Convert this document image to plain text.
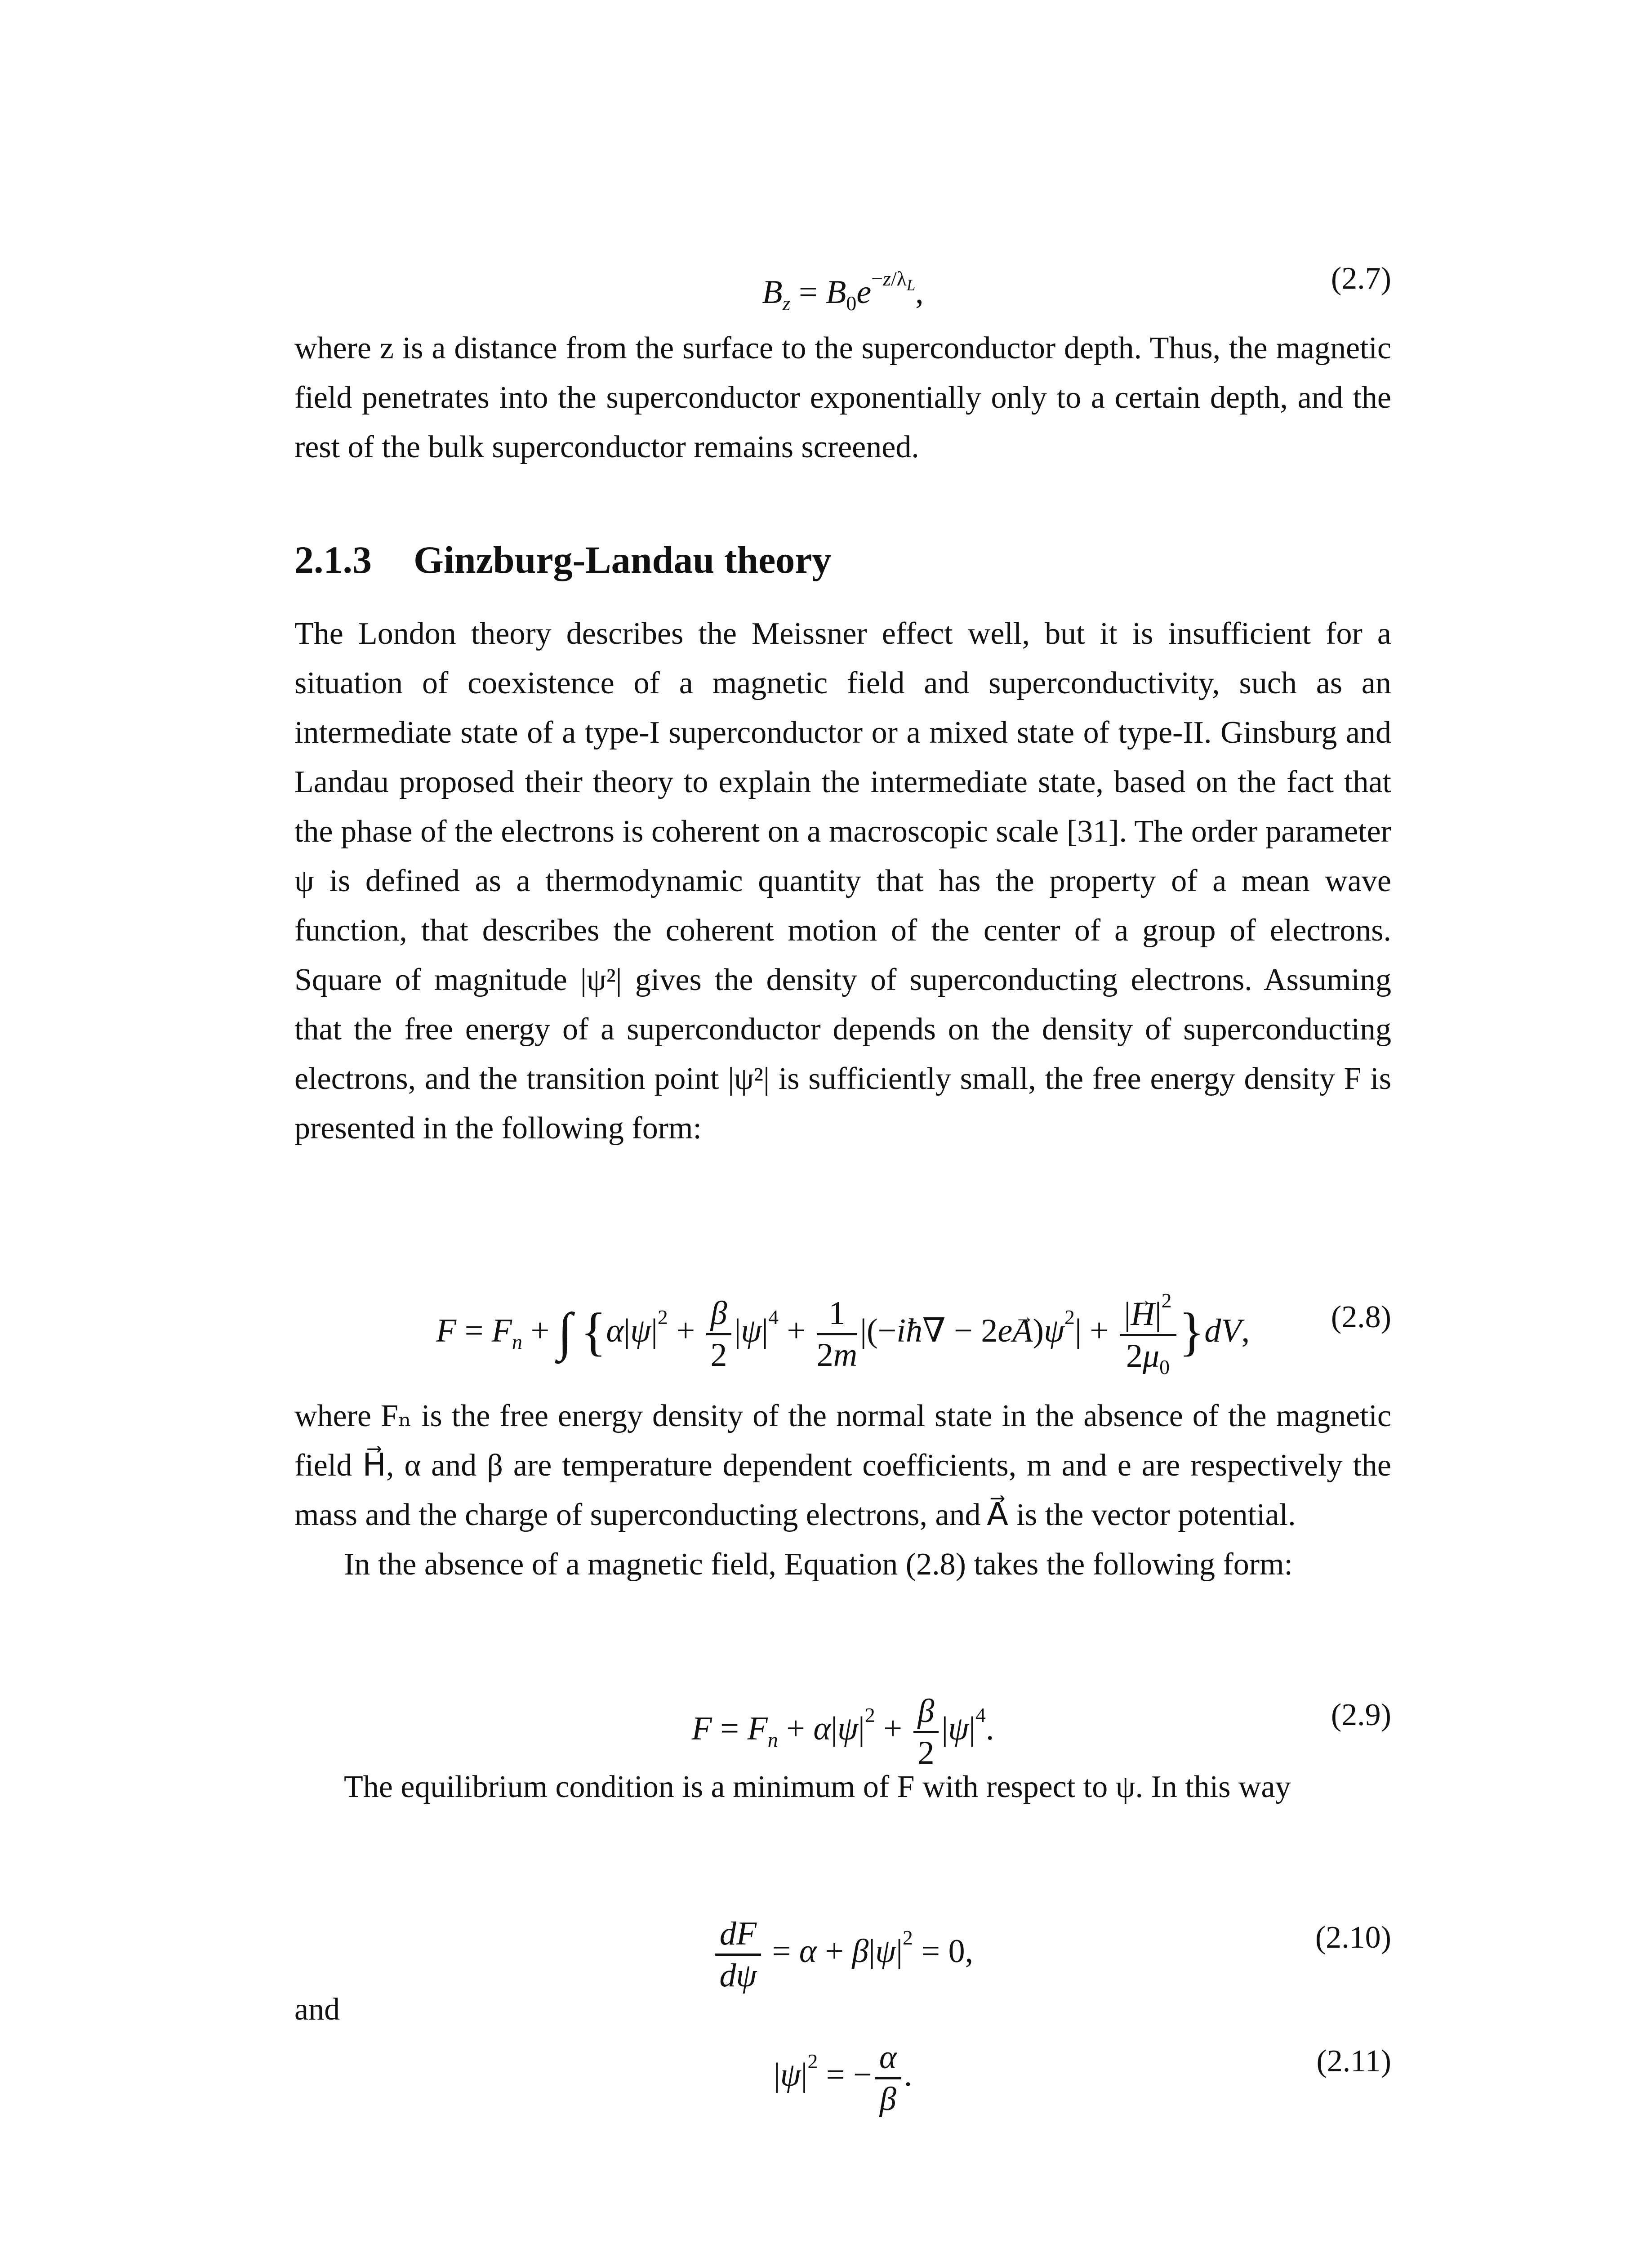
$B_z = B_0e^{-z/\lambda_L}$,	(2.7)

where z is a distance from the surface to the superconductor depth. Thus, the magnetic field penetrates into the superconductor exponentially only to a certain depth, and the rest of the bulk superconductor remains screened.

2.1.3 Ginzburg-Landau theory

The London theory describes the Meissner effect well, but it is insufficient for a situation of coexistence of a magnetic field and superconductivity, such as an intermediate state of a type-I superconductor or a mixed state of type-II. Ginsburg and Landau proposed their theory to explain the intermediate state, based on the fact that the phase of the electrons is coherent on a macroscopic scale [31]. The order parameter ψ is defined as a thermodynamic quantity that has the property of a mean wave function, that describes the coherent motion of the center of a group of electrons. Square of magnitude |ψ²| gives the density of superconducting electrons. Assuming that the free energy of a superconductor depends on the density of superconducting electrons, and the transition point |ψ²| is sufficiently small, the free energy density F is presented in the following form:

$F = F_n$ + ∫ {$\alpha|\psi|^2 + \frac{\beta}{2} |\psi|^4 + \frac{1}{2m}$ |(−iħ∇ − $2e\to A)\psi^2| + \frac{|\to H|^2}{2\mu_0} \}dV$,	(2.8)

where Fₙ is the free energy density of the normal state in the absence of the magnetic field H⃗, α and β are temperature dependent coefficients, m and e are respectively the mass and the charge of superconducting electrons, and A⃗ is the vector potential.

In the absence of a magnetic field, Equation (2.8) takes the following form:

$F = F_n + \alpha|\psi|^2 + \frac{\beta}{2} |\psi|^4$.	(2.9)

The equilibrium condition is a minimum of F with respect to ψ. In this way

$\frac{dF}{d\psi} = \alpha + \beta|\psi|^2 = 0$,	(2.10)

and

$|\psi|^2$ = − $\frac{\alpha}{\beta}$ .	(2.11)
